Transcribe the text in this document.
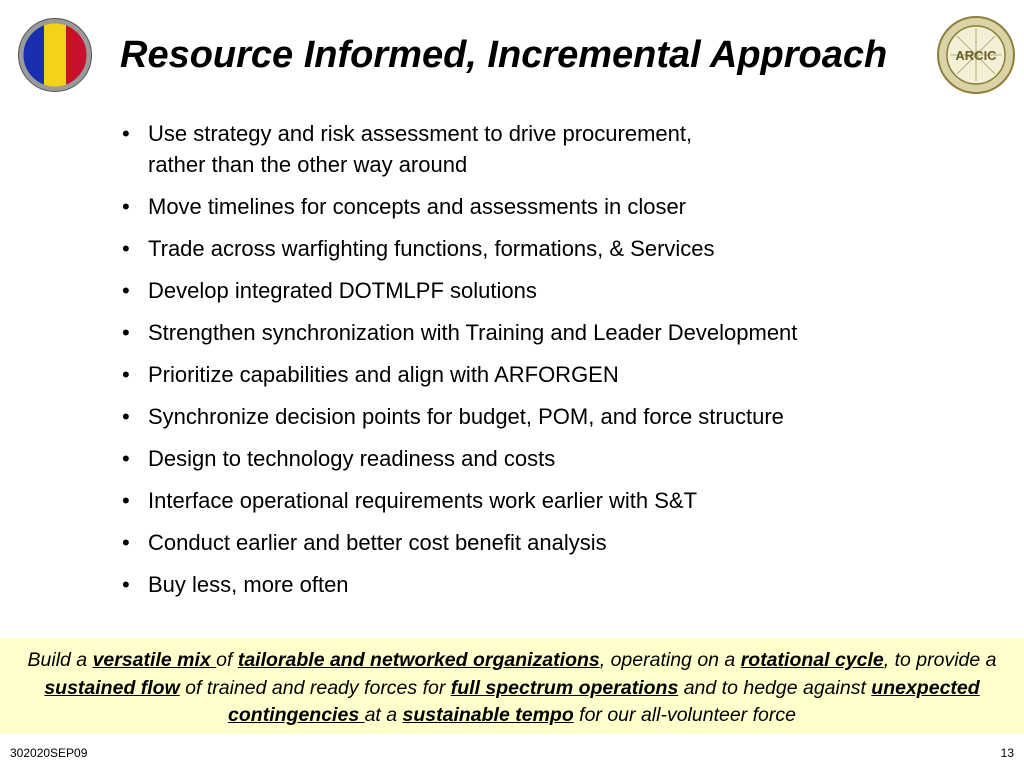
Resource Informed, Incremental Approach	ARCIC
• Use strategy and risk assessment to drive procurement,
rather than the other way around
• Move timelines for concepts and assessments in closer
• Trade across warfighting functions, formations, & Services
• Develop integrated DOTMLPF solutions
• Strengthen synchronization with Training and Leader Development
• Prioritize capabilities and align with ARFORGEN
• Synchronize decision points for budget, POM, and force structure
• Design to technology readiness and costs
• Interface operational requirements work earlier with S&T
• Conduct earlier and better cost benefit analysis
• Buy less, more often
Build a versatile mix of tailorable and networked organizations, operating on a rotational cycle, to provide a sustained flow of trained and ready forces for full spectrum operations and to hedge against unexpected contingencies at a sustainable tempo for our all-volunteer force
302020SEP09	13
